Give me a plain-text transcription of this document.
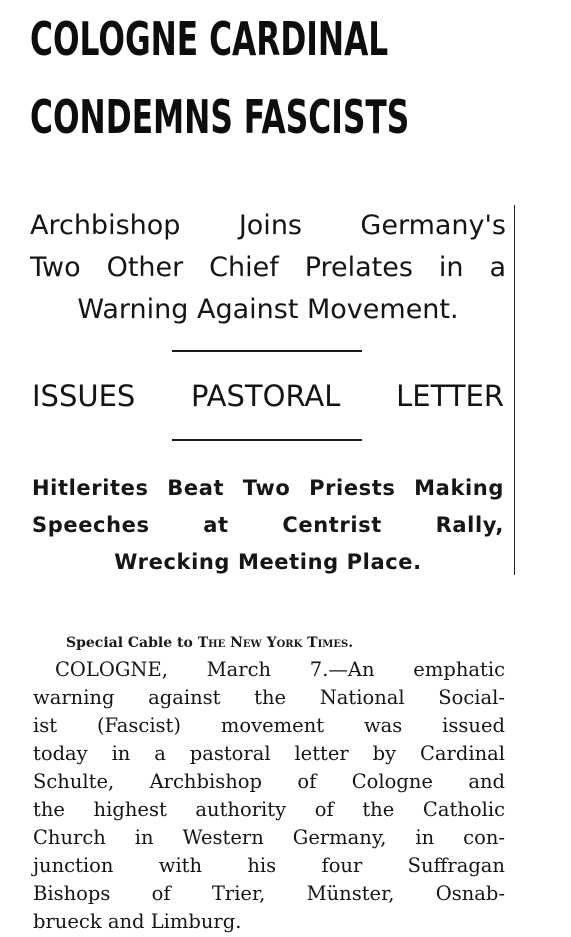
COLOGNE CARDINAL
CONDEMNS FASCISTS
Archbishop Joins Germany's
Two Other Chief Prelates in a
Warning Against Movement.
ISSUES PASTORAL LETTER
Hitlerites Beat Two Priests Making
Speeches at Centrist Rally,
Wrecking Meeting Place.
Special Cable to The New York Times.
COLOGNE, March 7.—An emphatic
warning against the National Social-
ist (Fascist) movement was issued
today in a pastoral letter by Cardinal
Schulte, Archbishop of Cologne and
the highest authority of the Catholic
Church in Western Germany, in con-
junction with his four Suffragan
Bishops of Trier, Münster, Osnab-
brueck and Limburg.
